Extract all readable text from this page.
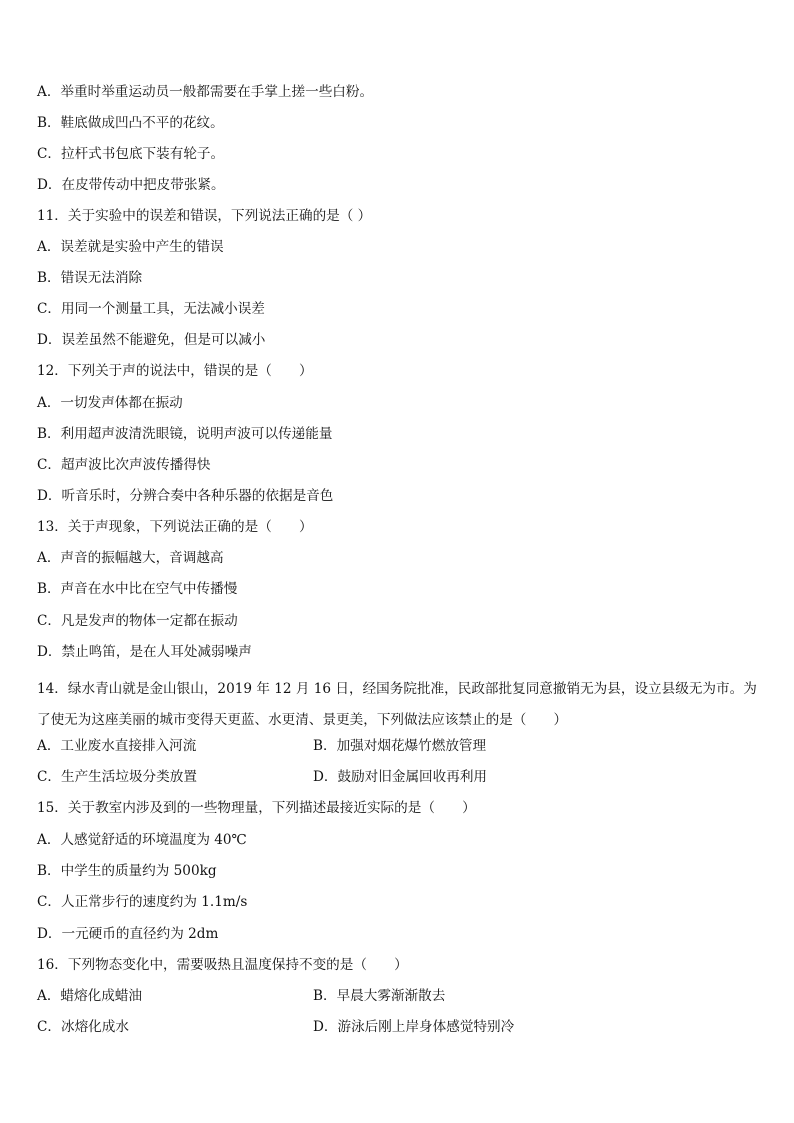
A．举重时举重运动员一般都需要在手掌上搓一些白粉。
B．鞋底做成凹凸不平的花纹。
C．拉杆式书包底下装有轮子。
D．在皮带传动中把皮带张紧。
11．关于实验中的误差和错误，下列说法正确的是（ ）
A．误差就是实验中产生的错误
B．错误无法消除
C．用同一个测量工具，无法减小误差
D．误差虽然不能避免，但是可以减小
12．下列关于声的说法中，错误的是（　　）
A．一切发声体都在振动
B．利用超声波清洗眼镜，说明声波可以传递能量
C．超声波比次声波传播得快
D．听音乐时，分辨合奏中各种乐器的依据是音色
13．关于声现象，下列说法正确的是（　　）
A．声音的振幅越大，音调越高
B．声音在水中比在空气中传播慢
C．凡是发声的物体一定都在振动
D．禁止鸣笛，是在人耳处减弱噪声
14．绿水青山就是金山银山，2019 年 12 月 16 日，经国务院批准，民政部批复同意撤销无为县，设立县级无为市。为了使无为这座美丽的城市变得天更蓝、水更清、景更美，下列做法应该禁止的是（　　）
A．工业废水直接排入河流	B．加强对烟花爆竹燃放管理
C．生产生活垃圾分类放置	D．鼓励对旧金属回收再利用
15．关于教室内涉及到的一些物理量，下列描述最接近实际的是（　　）
A．人感觉舒适的环境温度为 40℃
B．中学生的质量约为 500kg
C．人正常步行的速度约为 1.1m/s
D．一元硬币的直径约为 2dm
16．下列物态变化中，需要吸热且温度保持不变的是（　　）
A．蜡熔化成蜡油	B．早晨大雾渐渐散去
C．冰熔化成水	D．游泳后刚上岸身体感觉特别冷
